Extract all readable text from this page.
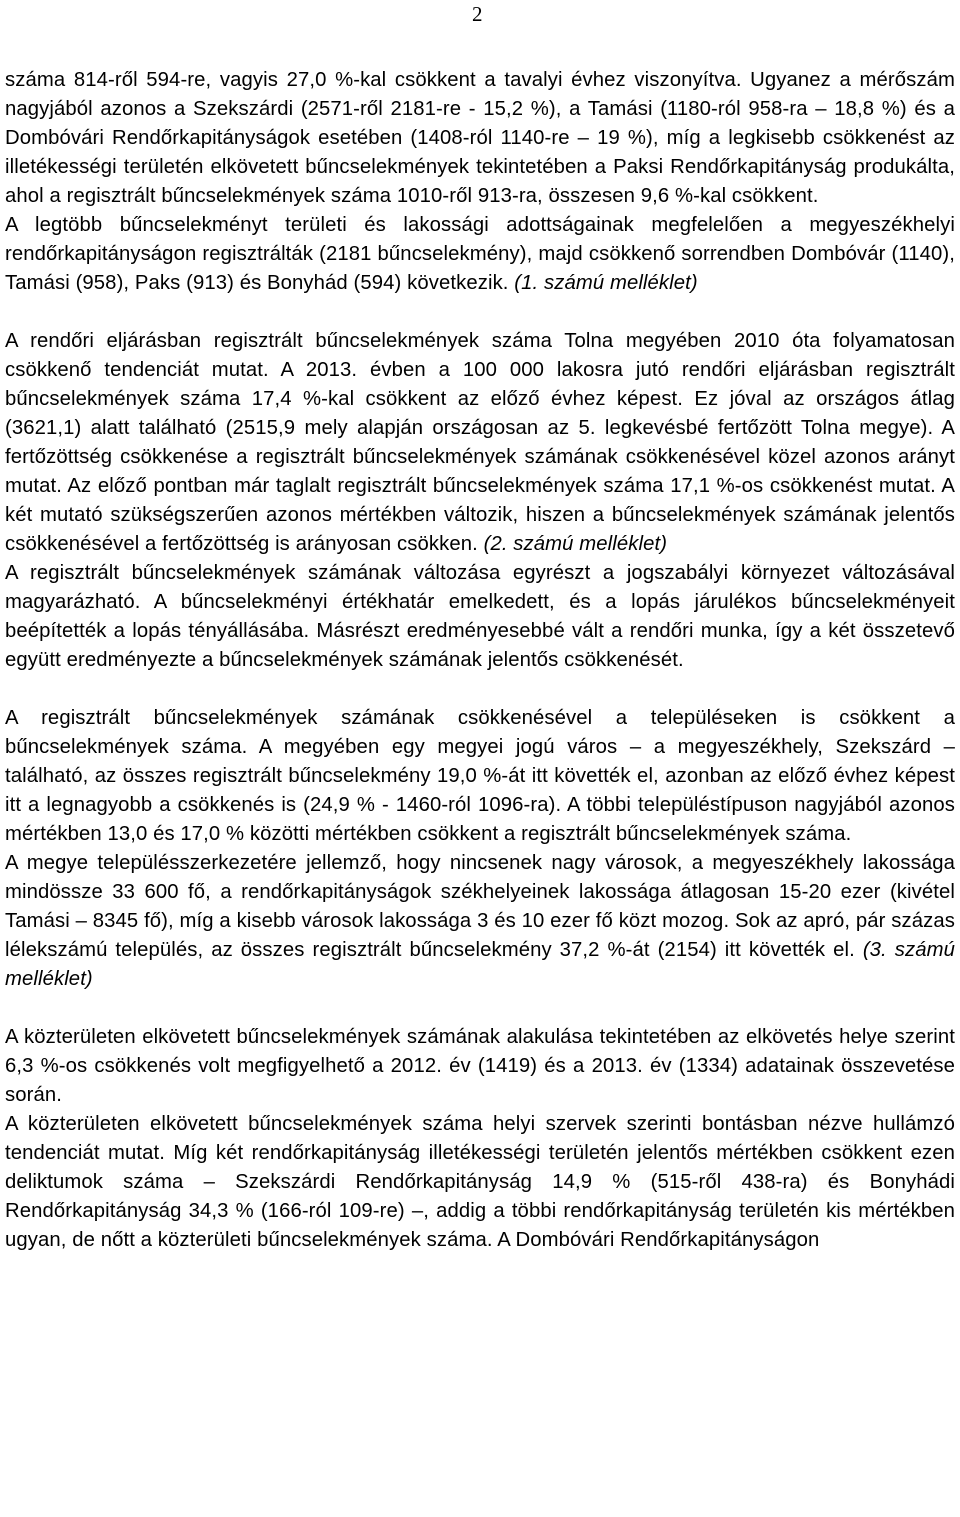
2

száma 814-ről 594-re, vagyis 27,0 %-kal csökkent a tavalyi évhez viszonyítva. Ugyanez a mérőszám nagyjából azonos a Szekszárdi (2571-ről 2181-re - 15,2 %), a Tamási (1180-ról 958-ra – 18,8 %) és a Dombóvári Rendőrkapitányságok esetében (1408-ról 1140-re – 19 %), míg a legkisebb csökkenést az illetékességi területén elkövetett bűncselekmények tekintetében a Paksi Rendőrkapitányság produkálta, ahol a regisztrált bűncselekmények száma 1010-ről 913-ra, összesen 9,6 %-kal csökkent.

A legtöbb bűncselekményt területi és lakossági adottságainak megfelelően a megyeszékhelyi rendőrkapitányságon regisztrálták (2181 bűncselekmény), majd csökkenő sorrendben Dombóvár (1140), Tamási (958), Paks (913) és Bonyhád (594) következik. (1. számú melléklet)

A rendőri eljárásban regisztrált bűncselekmények száma Tolna megyében 2010 óta folyamatosan csökkenő tendenciát mutat. A 2013. évben a 100 000 lakosra jutó rendőri eljárásban regisztrált bűncselekmények száma 17,4 %-kal csökkent az előző évhez képest. Ez jóval az országos átlag (3621,1) alatt található (2515,9 mely alapján országosan az 5. legkevésbé fertőzött Tolna megye). A fertőzöttség csökkenése a regisztrált bűncselekmények számának csökkenésével közel azonos arányt mutat. Az előző pontban már taglalt regisztrált bűncselekmények száma 17,1 %-os csökkenést mutat. A két mutató szükségszerűen azonos mértékben változik, hiszen a bűncselekmények számának jelentős csökkenésével a fertőzöttség is arányosan csökken. (2. számú melléklet)

A regisztrált bűncselekmények számának változása egyrészt a jogszabályi környezet változásával magyarázható. A bűncselekményi értékhatár emelkedett, és a lopás járulékos bűncselekményeit beépítették a lopás tényállásába. Másrészt eredményesebbé vált a rendőri munka, így a két összetevő együtt eredményezte a bűncselekmények számának jelentős csökkenését.

A regisztrált bűncselekmények számának csökkenésével a településeken is csökkent a bűncselekmények száma. A megyében egy megyei jogú város – a megyeszékhely, Szekszárd – található, az összes regisztrált bűncselekmény 19,0 %-át itt követték el, azonban az előző évhez képest itt a legnagyobb a csökkenés is (24,9 % - 1460-ról 1096-ra). A többi településtípuson nagyjából azonos mértékben 13,0 és 17,0 % közötti mértékben csökkent a regisztrált bűncselekmények száma.

A megye településszerkezetére jellemző, hogy nincsenek nagy városok, a megyeszékhely lakossága mindössze 33 600 fő, a rendőrkapitányságok székhelyeinek lakossága átlagosan 15-20 ezer (kivétel Tamási – 8345 fő), míg a kisebb városok lakossága 3 és 10 ezer fő közt mozog. Sok az apró, pár százas lélekszámú település, az összes regisztrált bűncselekmény 37,2 %-át (2154) itt követték el. (3. számú melléklet)

A közterületen elkövetett bűncselekmények számának alakulása tekintetében az elkövetés helye szerint 6,3 %-os csökkenés volt megfigyelhető a 2012. év (1419) és a 2013. év (1334) adatainak összevetése során.

A közterületen elkövetett bűncselekmények száma helyi szervek szerinti bontásban nézve hullámzó tendenciát mutat. Míg két rendőrkapitányság illetékességi területén jelentős mértékben csökkent ezen deliktumok száma – Szekszárdi Rendőrkapitányság 14,9 % (515-ről 438-ra) és Bonyhádi Rendőrkapitányság 34,3 % (166-ról 109-re) –, addig a többi rendőrkapitányság területén kis mértékben ugyan, de nőtt a közterületi bűncselekmények száma. A Dombóvári Rendőrkapitányságon
